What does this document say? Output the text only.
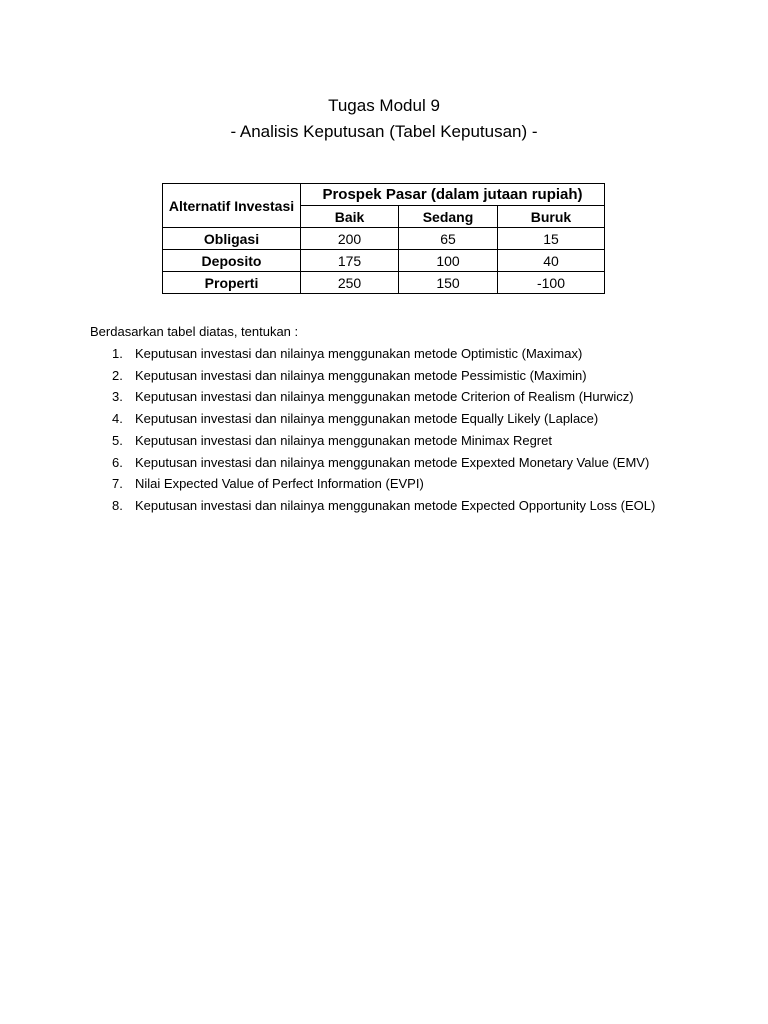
Tugas Modul 9
- Analisis Keputusan (Tabel Keputusan) -
Alternatif Investasi	Prospek Pasar (dalam jutaan rupiah)		
	Baik	Sedang	Buruk
Obligasi	200	65	15
Deposito	175	100	40
Properti	250	150	-100
Berdasarkan tabel diatas, tentukan :
1. Keputusan investasi dan nilainya menggunakan metode Optimistic (Maximax)
2. Keputusan investasi dan nilainya menggunakan metode Pessimistic (Maximin)
3. Keputusan investasi dan nilainya menggunakan metode Criterion of Realism (Hurwicz)
4. Keputusan investasi dan nilainya menggunakan metode Equally Likely (Laplace)
5. Keputusan investasi dan nilainya menggunakan metode Minimax Regret
6. Keputusan investasi dan nilainya menggunakan metode Expexted Monetary Value (EMV)
7. Nilai Expected Value of Perfect Information (EVPI)
8. Keputusan investasi dan nilainya menggunakan metode Expected Opportunity Loss (EOL)
